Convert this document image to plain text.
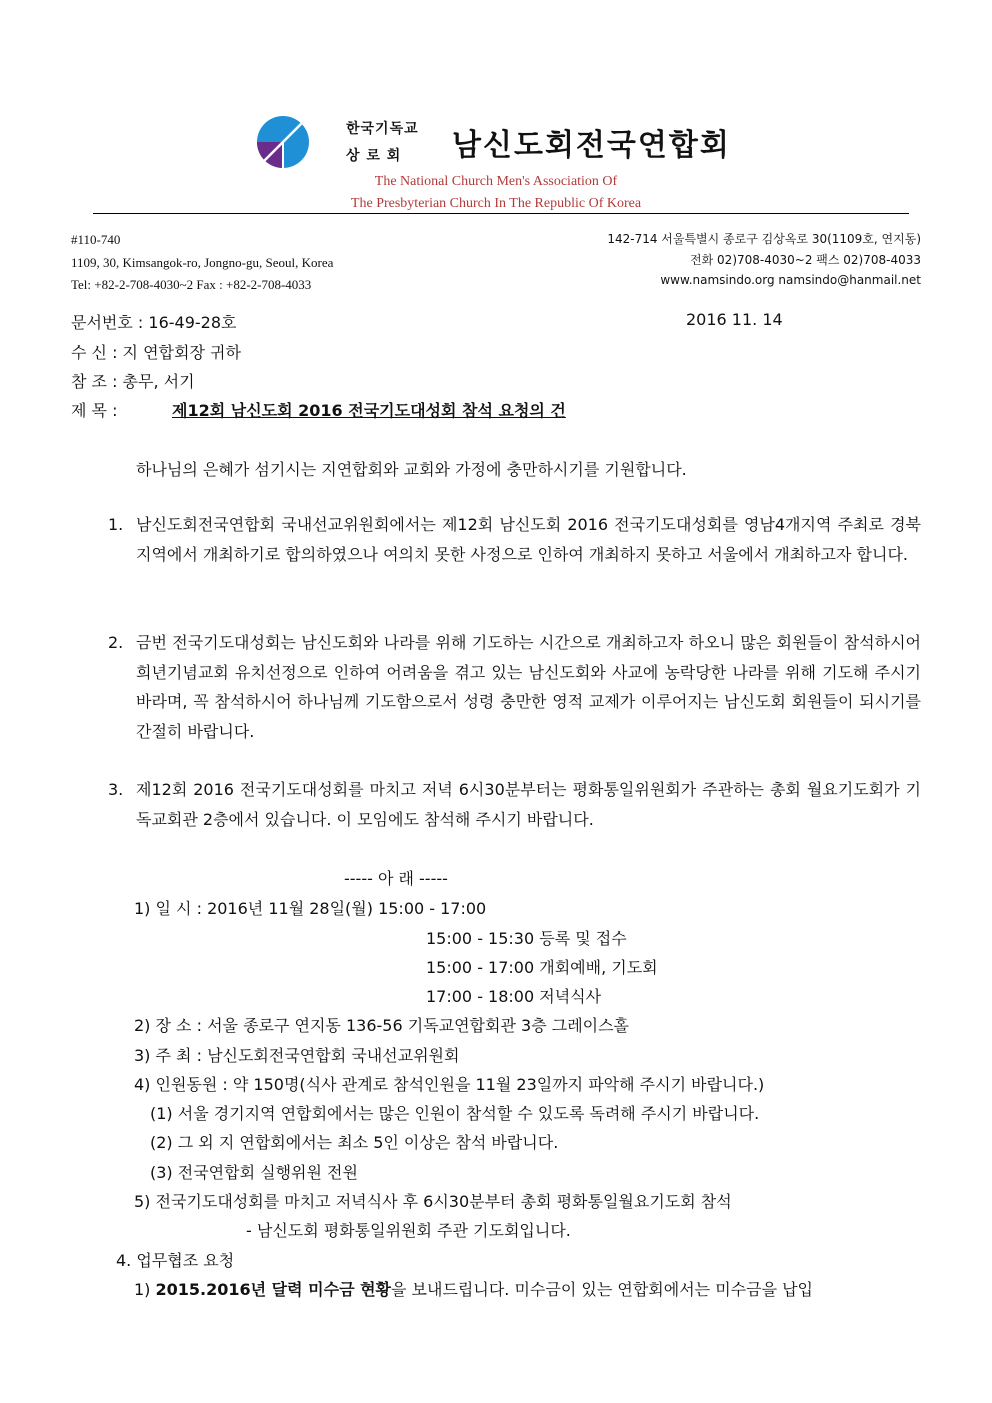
한국기독교
상 로 회 남신도회전국연합회
The National Church Men's Association Of
The Presbyterian Church In The Republic Of Korea
#110-740
1109, 30, Kimsangok-ro, Jongno-gu, Seoul, Korea
Tel: +82-2-708-4030~2 Fax : +82-2-708-4033
142-714 서울특별시 종로구 김상옥로 30(1109호, 연지동)
전화 02)708-4030~2 팩스 02)708-4033
www.namsindo.org namsindo@hanmail.net
문서번호 : 16-49-28호	2016 11. 14
수 신 : 지 연합회장 귀하
참 조 : 총무, 서기
제 목 :	제12회 남신도회 2016 전국기도대성회 참석 요청의 건
하나님의 은혜가 섬기시는 지연합회와 교회와 가정에 충만하시기를 기원합니다.
1. 남신도회전국연합회 국내선교위원회에서는 제12회 남신도회 2016 전국기도대성회를 영남4개지역 주최로 경북지역에서 개최하기로 합의하였으나 여의치 못한 사정으로 인하여 개최하지 못하고 서울에서 개최하고자 합니다.
2. 금번 전국기도대성회는 남신도회와 나라를 위해 기도하는 시간으로 개최하고자 하오니 많은 회원들이 참석하시어 희년기념교회 유치선정으로 인하여 어려움을 겪고 있는 남신도회와 사교에 농락당한 나라를 위해 기도해 주시기 바라며, 꼭 참석하시어 하나님께 기도함으로서 성령 충만한 영적 교제가 이루어지는 남신도회 회원들이 되시기를 간절히 바랍니다.
3. 제12회 2016 전국기도대성회를 마치고 저녁 6시30분부터는 평화통일위원회가 주관하는 총회 월요기도회가 기독교회관 2층에서 있습니다. 이 모임에도 참석해 주시기 바랍니다.
----- 아 래 -----
1) 일 시 : 2016년 11월 28일(월) 15:00 - 17:00
15:00 - 15:30 등록 및 접수
15:00 - 17:00 개회예배, 기도회
17:00 - 18:00 저녁식사
2) 장 소 : 서울 종로구 연지동 136-56 기독교연합회관 3층 그레이스홀
3) 주 최 : 남신도회전국연합회 국내선교위원회
4) 인원동원 : 약 150명(식사 관계로 참석인원을 11월 23일까지 파악해 주시기 바랍니다.)
(1) 서울 경기지역 연합회에서는 많은 인원이 참석할 수 있도록 독려해 주시기 바랍니다.
(2) 그 외 지 연합회에서는 최소 5인 이상은 참석 바랍니다.
(3) 전국연합회 실행위원 전원
5) 전국기도대성회를 마치고 저녁식사 후 6시30분부터 총회 평화통일월요기도회 참석
- 남신도회 평화통일위원회 주관 기도회입니다.
4. 업무협조 요청
1) 2015.2016년 달력 미수금 현황을 보내드립니다. 미수금이 있는 연합회에서는 미수금을 납입
